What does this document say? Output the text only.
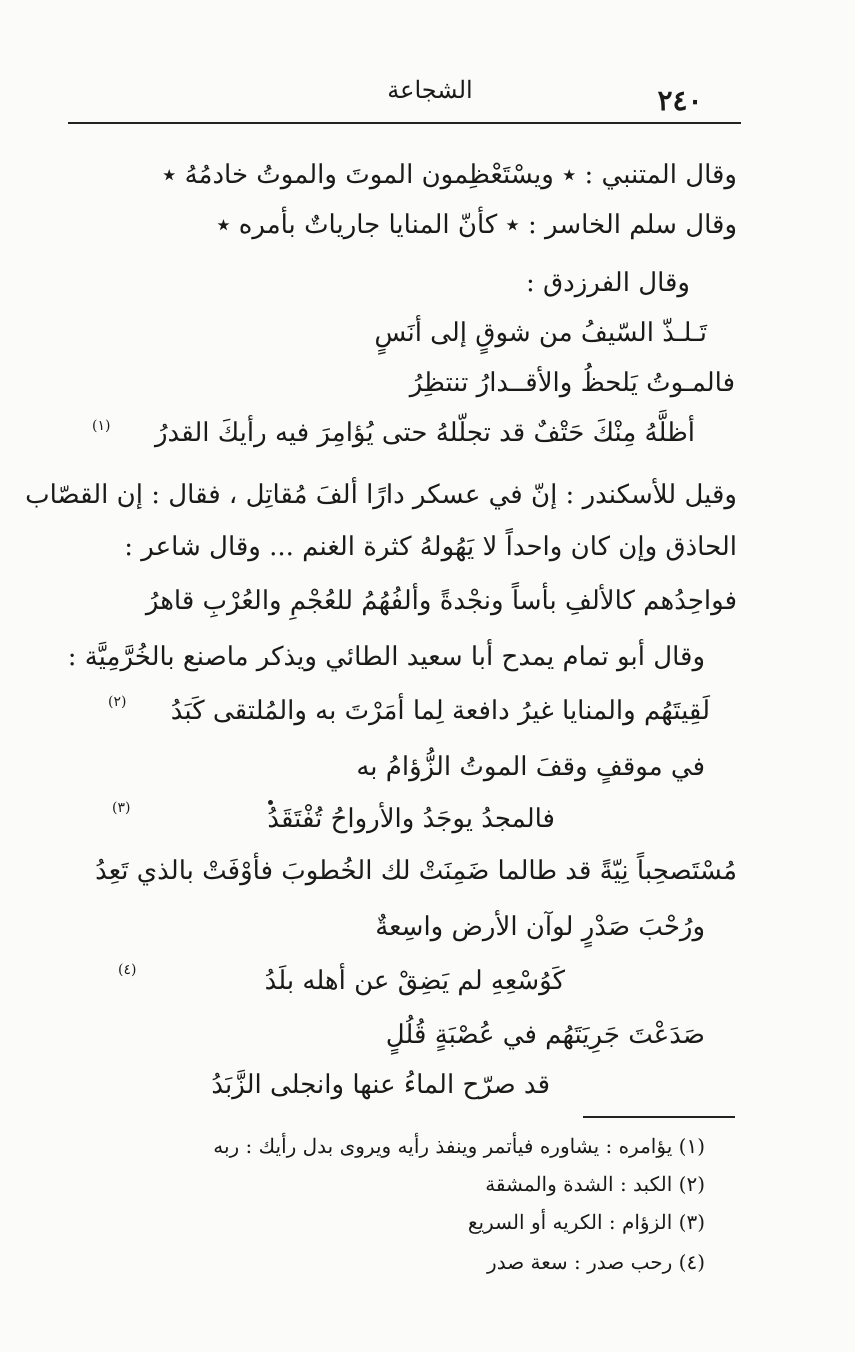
٢٤٠
الشجاعة
وقال المتنبي : ٭ ويسْتَعْظِمون الموتَ والموتُ خادمُهُ ٭
وقال سلم الخاسر : ٭ كأنّ المنايا جارياتٌ بأمره ٭
وقال الفرزدق :
تَـلـذّ السّيفُ من شوقٍ إلى أنَسٍ
فالمـوتُ يَلحظُ والأقــدارُ تنتظِرُ
أظلَّهُ مِنْكَ حَتْفٌ قد تجلّلهُ حتى يُؤامِرَ فيه رأيكَ القدرُ
(١)
وقيل للأسكندر : إنّ في عسكر دارًا ألفَ مُقاتِل ، فقال : إن القصّاب
الحاذق وإن كان واحداً لا يَهُولهُ كثرة الغنم ... وقال شاعر :
فواحِدُهم كالألفِ بأساً ونجْدةً وألفُهُمُ للعُجْمِ والعُرْبِ قاهرُ
وقال أبو تمام يمدح أبا سعيد الطائي ويذكر ماصنع بالخُرَّمِيَّة :
لَقِيتَهُم والمنايا غيرُ دافعة لِما أمَرْتَ به والمُلتقى كَبَدُ
(٢)
في موقفٍ وقفَ الموتُ الزُّؤامُ به
فالمجدُ يوجَدُ والأرواحُ تُفْتَقَدُ
(٣)
مُسْتَصحِباً نِيّةً قد طالما ضَمِنَتْ لك الخُطوبَ فأوْفَتْ بالذي تَعِدُ
ورُحْبَ صَدْرٍ لوآن الأرض واسِعةٌ
كَوُسْعِهِ لم يَضِقْ عن أهله بلَدُ
(٤)
صَدَعْتَ جَرِيَتَهُم في عُصْبَةٍ قُلُلٍ
قد صرّح الماءُ عنها وانجلى الزَّبَدُ
(١) يؤامره : يشاوره فيأتمر وينفذ رأيه ويروى بدل رأيك : ربه
(٢) الكبد : الشدة والمشقة
(٣) الزؤام : الكريه أو السريع
(٤) رحب صدر : سعة صدر
